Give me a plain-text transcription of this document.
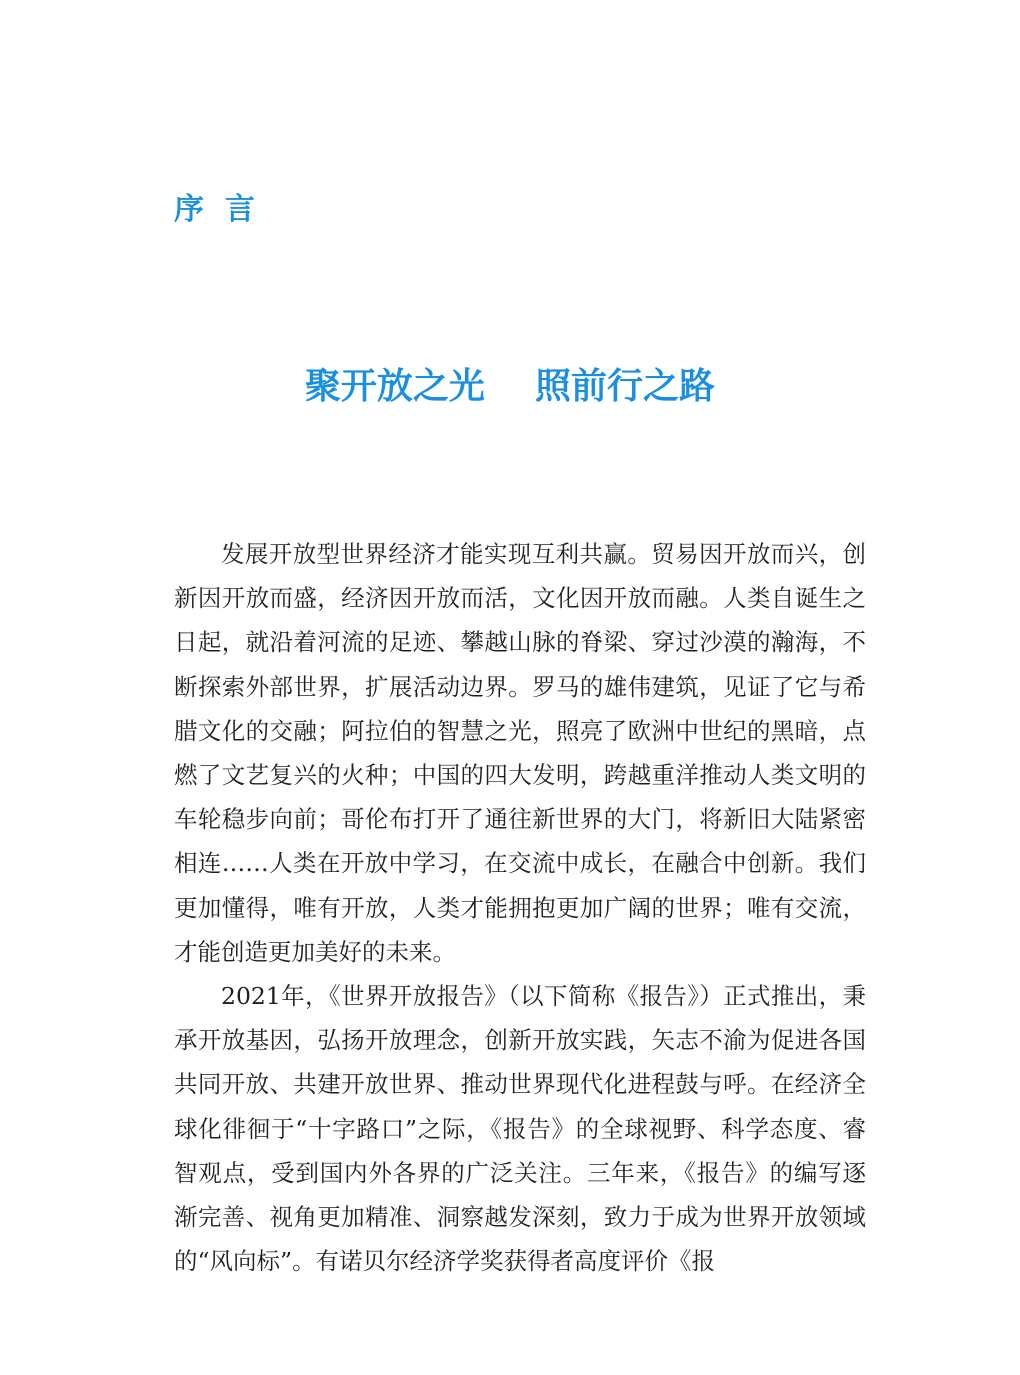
序  言
聚开放之光    照前行之路

发展开放型世界经济才能实现互利共赢。贸易因开放而兴，创新因开放而盛，经济因开放而活，文化因开放而融。人类自诞生之日起，就沿着河流的足迹、攀越山脉的脊梁、穿过沙漠的瀚海，不断探索外部世界，扩展活动边界。罗马的雄伟建筑，见证了它与希腊文化的交融；阿拉伯的智慧之光，照亮了欧洲中世纪的黑暗，点燃了文艺复兴的火种；中国的四大发明，跨越重洋推动人类文明的车轮稳步向前；哥伦布打开了通往新世界的大门，将新旧大陆紧密相连……人类在开放中学习，在交流中成长，在融合中创新。我们更加懂得，唯有开放，人类才能拥抱更加广阔的世界；唯有交流，才能创造更加美好的未来。

2021年，《世界开放报告》（以下简称《报告》）正式推出，秉承开放基因，弘扬开放理念，创新开放实践，矢志不渝为促进各国共同开放、共建开放世界、推动世界现代化进程鼓与呼。在经济全球化徘徊于“十字路口”之际，《报告》的全球视野、科学态度、睿智观点，受到国内外各界的广泛关注。三年来，《报告》的编写逐渐完善、视角更加精准、洞察越发深刻，致力于成为世界开放领域的“风向标”。有诺贝尔经济学奖获得者高度评价《报
